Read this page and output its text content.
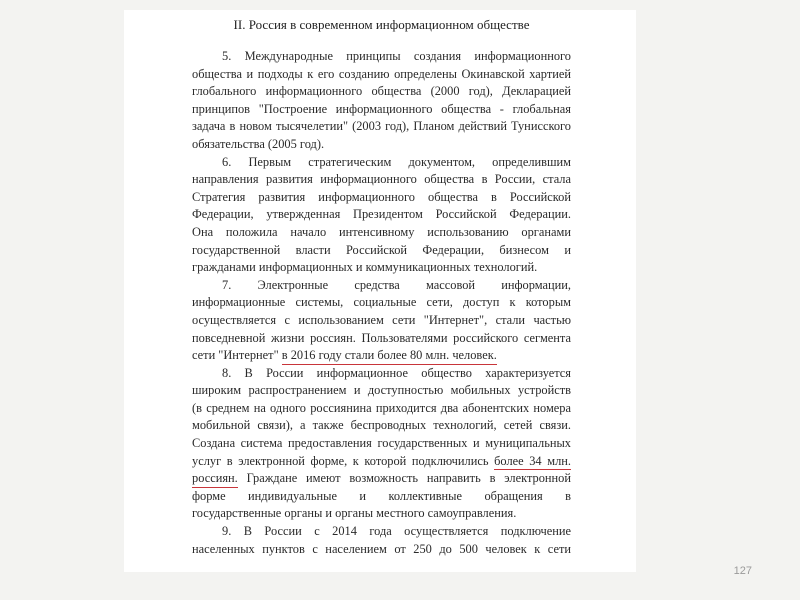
II. Россия в современном информационном обществе
5. Международные принципы создания информационного
общества и подходы к его созданию определены Окинавской хартией
глобального информационного общества (2000 год), Декларацией
принципов "Построение информационного общества - глобальная
задача в новом тысячелетии" (2003 год), Планом действий Тунисского
обязательства (2005 год).
6. Первым стратегическим документом, определившим
направления развития информационного общества в России, стала
Стратегия развития информационного общества в Российской
Федерации, утвержденная Президентом Российской Федерации.
Она положила начало интенсивному использованию органами
государственной власти Российской Федерации, бизнесом и
гражданами информационных и коммуникационных технологий.
7. Электронные средства массовой информации,
информационные системы, социальные сети, доступ к которым
осуществляется с использованием сети "Интернет", стали частью
повседневной жизни россиян. Пользователями российского сегмента
сети "Интернет" в 2016 году стали более 80 млн. человек.
8. В России информационное общество характеризуется
широким распространением и доступностью мобильных устройств
(в среднем на одного россиянина приходится два абонентских номера
мобильной связи), а также беспроводных технологий, сетей связи.
Создана система предоставления государственных и муниципальных
услуг в электронной форме, к которой подключились более 34 млн.
россиян. Граждане имеют возможность направить в электронной
форме индивидуальные и коллективные обращения в
государственные органы и органы местного самоуправления.
9. В России с 2014 года осуществляется подключение
населенных пунктов с населением от 250 до 500 человек к сети
127
